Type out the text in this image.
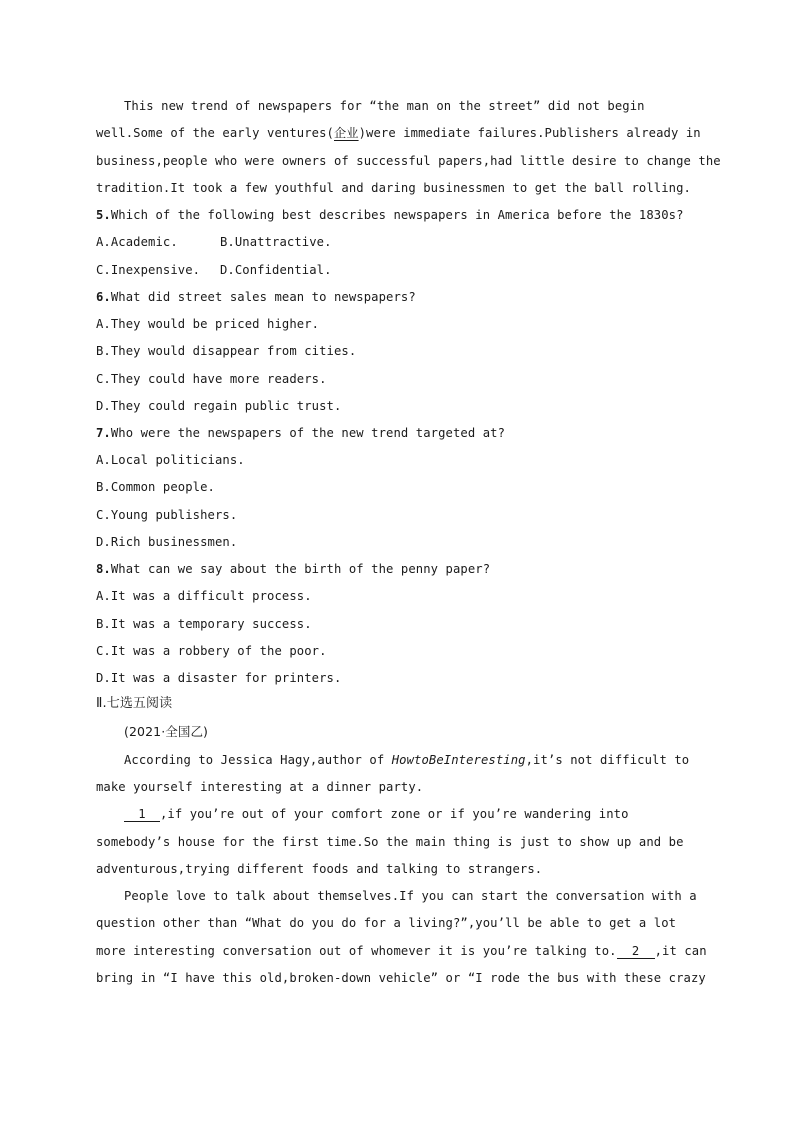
This new trend of newspapers for “the man on the street” did not begin
well.Some of the early ventures(企业)were immediate failures.Publishers already in
business,people who were owners of successful papers,had little desire to change the
tradition.It took a few youthful and daring businessmen to get the ball rolling.
5.Which of the following best describes newspapers in America before the 1830s?
A.Academic.	B.Unattractive.
C.Inexpensive. D.Confidential.
6.What did street sales mean to newspapers?
A.They would be priced higher.
B.They would disappear from cities.
C.They could have more readers.
D.They could regain public trust.
7.Who were the newspapers of the new trend targeted at?
A.Local politicians.
B.Common people.
C.Young publishers.
D.Rich businessmen.
8.What can we say about the birth of the penny paper?
A.It was a difficult process.
B.It was a temporary success.
C.It was a robbery of the poor.
D.It was a disaster for printers.
Ⅱ.七选五阅读
(2021·全国乙)
According to Jessica Hagy,author of HowtoBeInteresting,it’s not difficult to
make yourself interesting at a dinner party.
1 ,if you’re out of your comfort zone or if you’re wandering into
somebody’s house for the first time.So the main thing is just to show up and be
adventurous,trying different foods and talking to strangers.
People love to talk about themselves.If you can start the conversation with a
question other than “What do you do for a living?”,you’ll be able to get a lot
more interesting conversation out of whomever it is you’re talking to. 2 ,it can
bring in “I have this old,broken-down vehicle” or “I rode the bus with these crazy
